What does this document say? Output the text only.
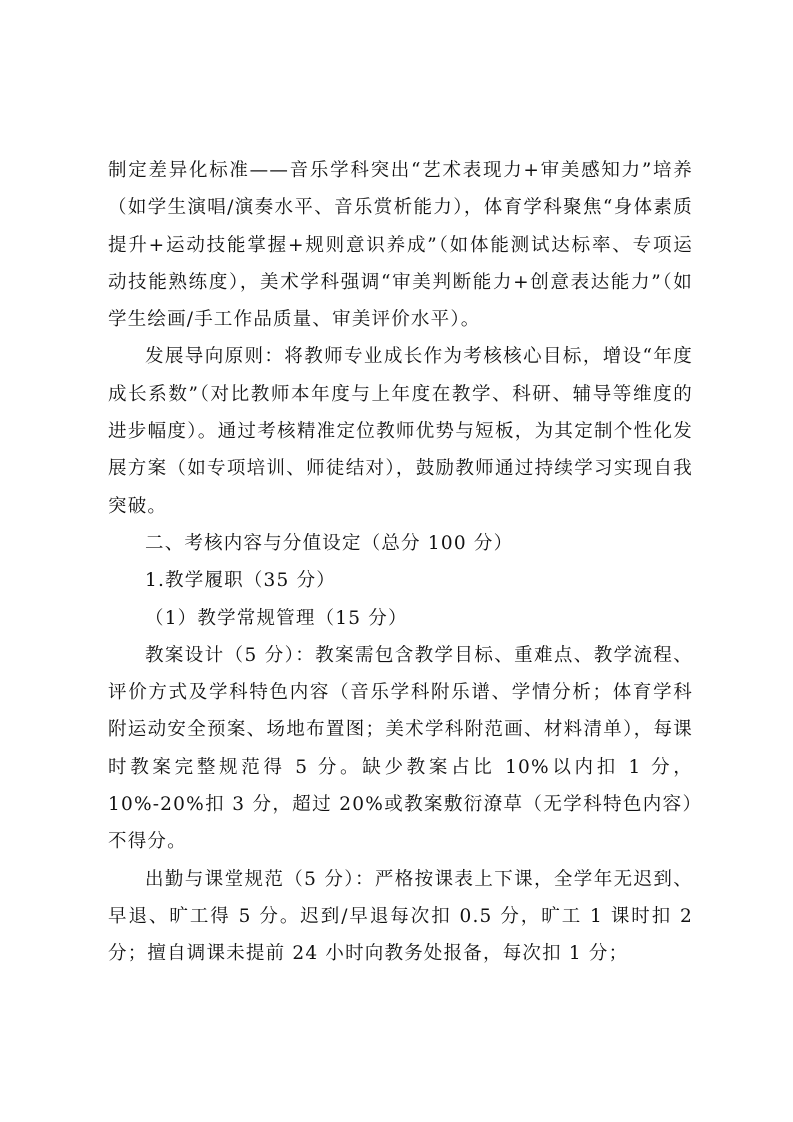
制定差异化标准——音乐学科突出“艺术表现力+审美感知力”培养（如学生演唱/演奏水平、音乐赏析能力），体育学科聚焦“身体素质提升+运动技能掌握+规则意识养成”（如体能测试达标率、专项运动技能熟练度），美术学科强调“审美判断能力+创意表达能力”（如学生绘画/手工作品质量、审美评价水平）。

发展导向原则：将教师专业成长作为考核核心目标，增设“年度成长系数”（对比教师本年度与上年度在教学、科研、辅导等维度的进步幅度）。通过考核精准定位教师优势与短板，为其定制个性化发展方案（如专项培训、师徒结对），鼓励教师通过持续学习实现自我突破。

二、考核内容与分值设定（总分 100 分）

1.教学履职（35 分）

（1）教学常规管理（15 分）

教案设计（5 分）：教案需包含教学目标、重难点、教学流程、评价方式及学科特色内容（音乐学科附乐谱、学情分析；体育学科附运动安全预案、场地布置图；美术学科附范画、材料清单），每课时教案完整规范得 5 分。缺少教案占比 10%以内扣 1 分，10%-20%扣 3 分，超过 20%或教案敷衍潦草（无学科特色内容）不得分。

出勤与课堂规范（5 分）：严格按课表上下课，全学年无迟到、早退、旷工得 5 分。迟到/早退每次扣 0.5 分，旷工 1 课时扣 2 分；擅自调课未提前 24 小时向教务处报备，每次扣 1 分；
